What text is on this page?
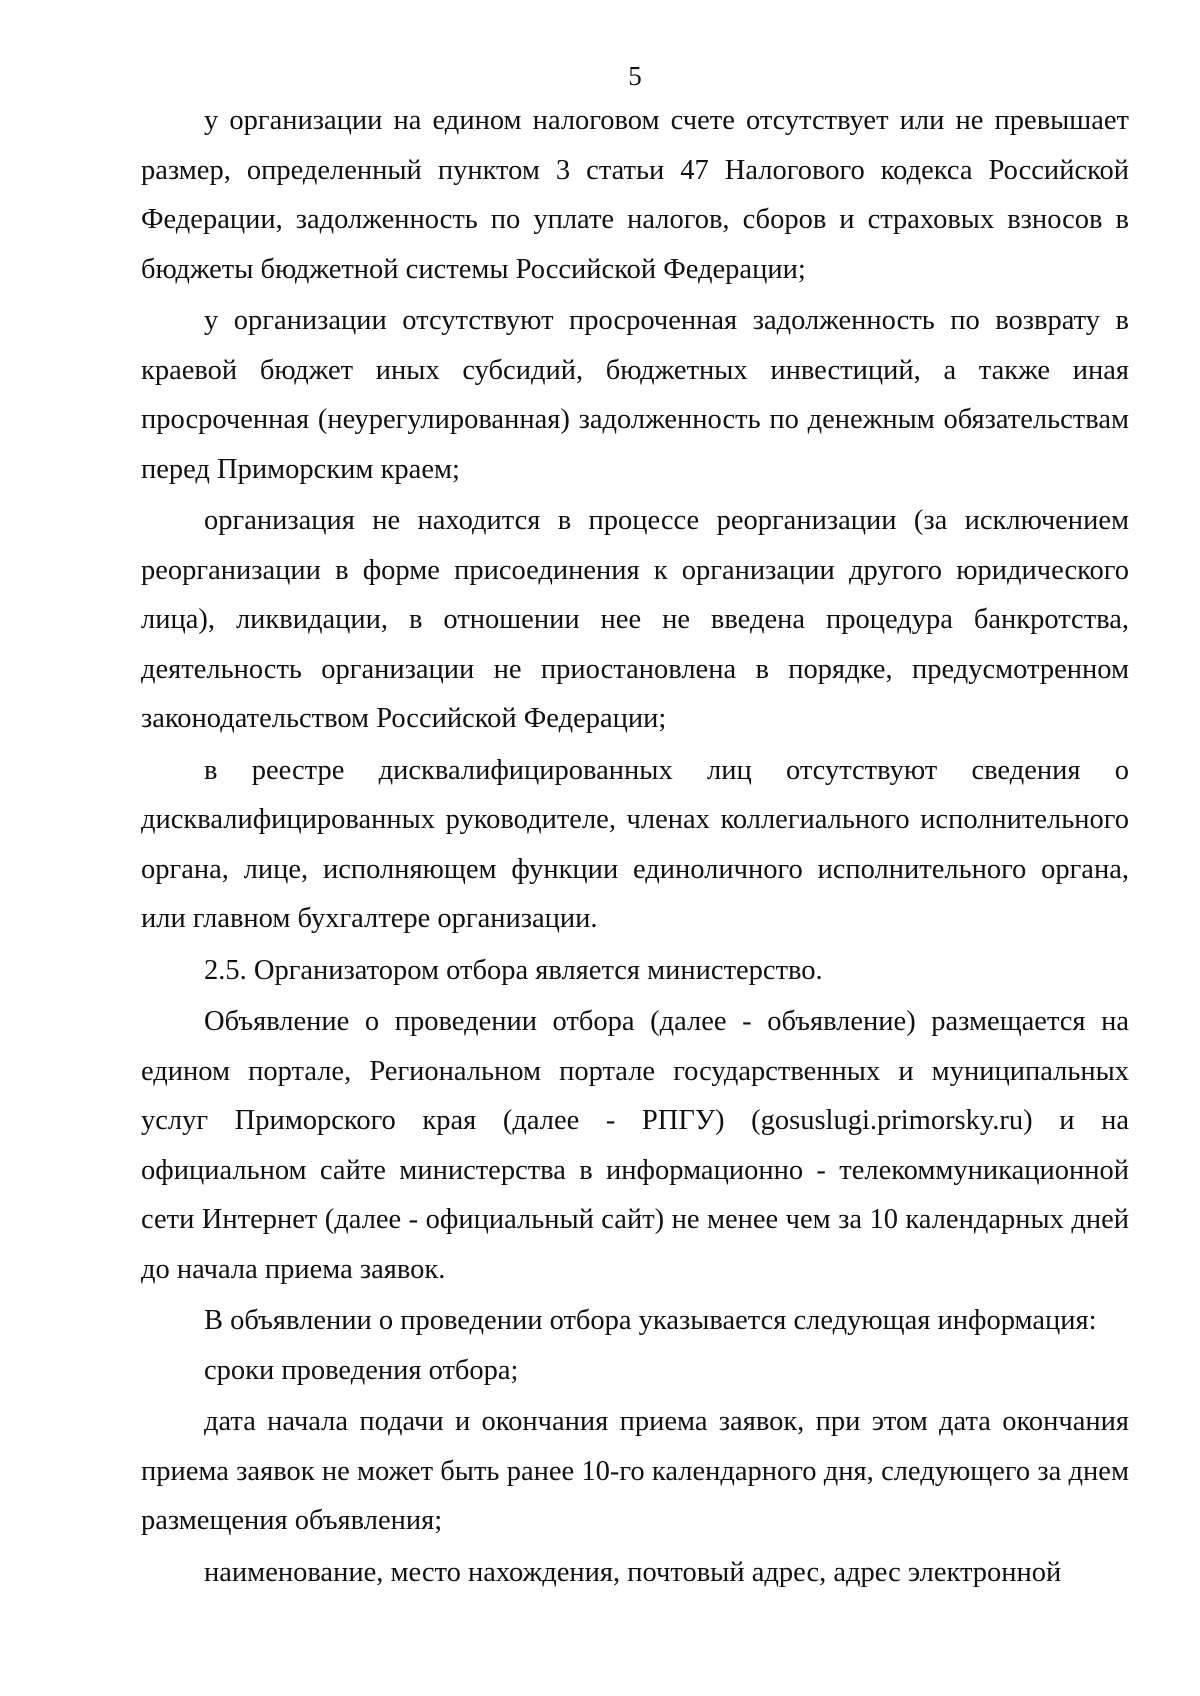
5

у организации на едином налоговом счете отсутствует или не превышает размер, определенный пунктом 3 статьи 47 Налогового кодекса Российской Федерации, задолженность по уплате налогов, сборов и страховых взносов в бюджеты бюджетной системы Российской Федерации;

у организации отсутствуют просроченная задолженность по возврату в краевой бюджет иных субсидий, бюджетных инвестиций, а также иная просроченная (неурегулированная) задолженность по денежным обязательствам перед Приморским краем;

организация не находится в процессе реорганизации (за исключением реорганизации в форме присоединения к организации другого юридического лица), ликвидации, в отношении нее не введена процедура банкротства, деятельность организации не приостановлена в порядке, предусмотренном законодательством Российской Федерации;

в реестре дисквалифицированных лиц отсутствуют сведения о дисквалифицированных руководителе, членах коллегиального исполнительного органа, лице, исполняющем функции единоличного исполнительного органа, или главном бухгалтере организации.

2.5. Организатором отбора является министерство.

Объявление о проведении отбора (далее - объявление) размещается на едином портале, Региональном портале государственных и муниципальных услуг Приморского края (далее - РПГУ) (gosuslugi.primorsky.ru) и на официальном сайте министерства в информационно - телекоммуникационной сети Интернет (далее - официальный сайт) не менее чем за 10 календарных дней до начала приема заявок.

В объявлении о проведении отбора указывается следующая информация:

сроки проведения отбора;

дата начала подачи и окончания приема заявок, при этом дата окончания приема заявок не может быть ранее 10-го календарного дня, следующего за днем размещения объявления;

наименование, место нахождения, почтовый адрес, адрес электронной
